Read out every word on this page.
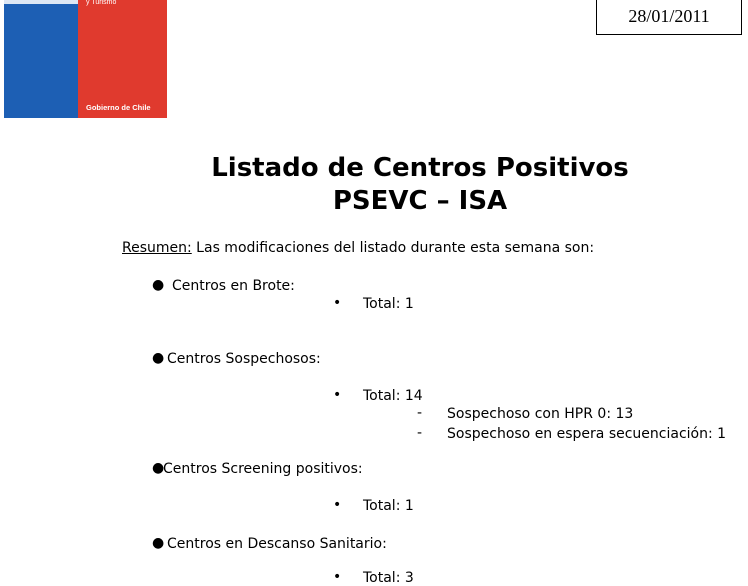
y Turismo
Gobierno de Chile
28/01/2011
Listado de Centros Positivos
PSEVC – ISA
Resumen: Las modificaciones del listado durante esta semana son:
● Centros en Brote:
• Total: 1
● Centros Sospechosos:
• Total: 14
- Sospechoso con HPR 0: 13
- Sospechoso en espera secuenciación: 1
●
Centros Screening positivos:
• Total: 1
● Centros en Descanso Sanitario:
• Total: 3
